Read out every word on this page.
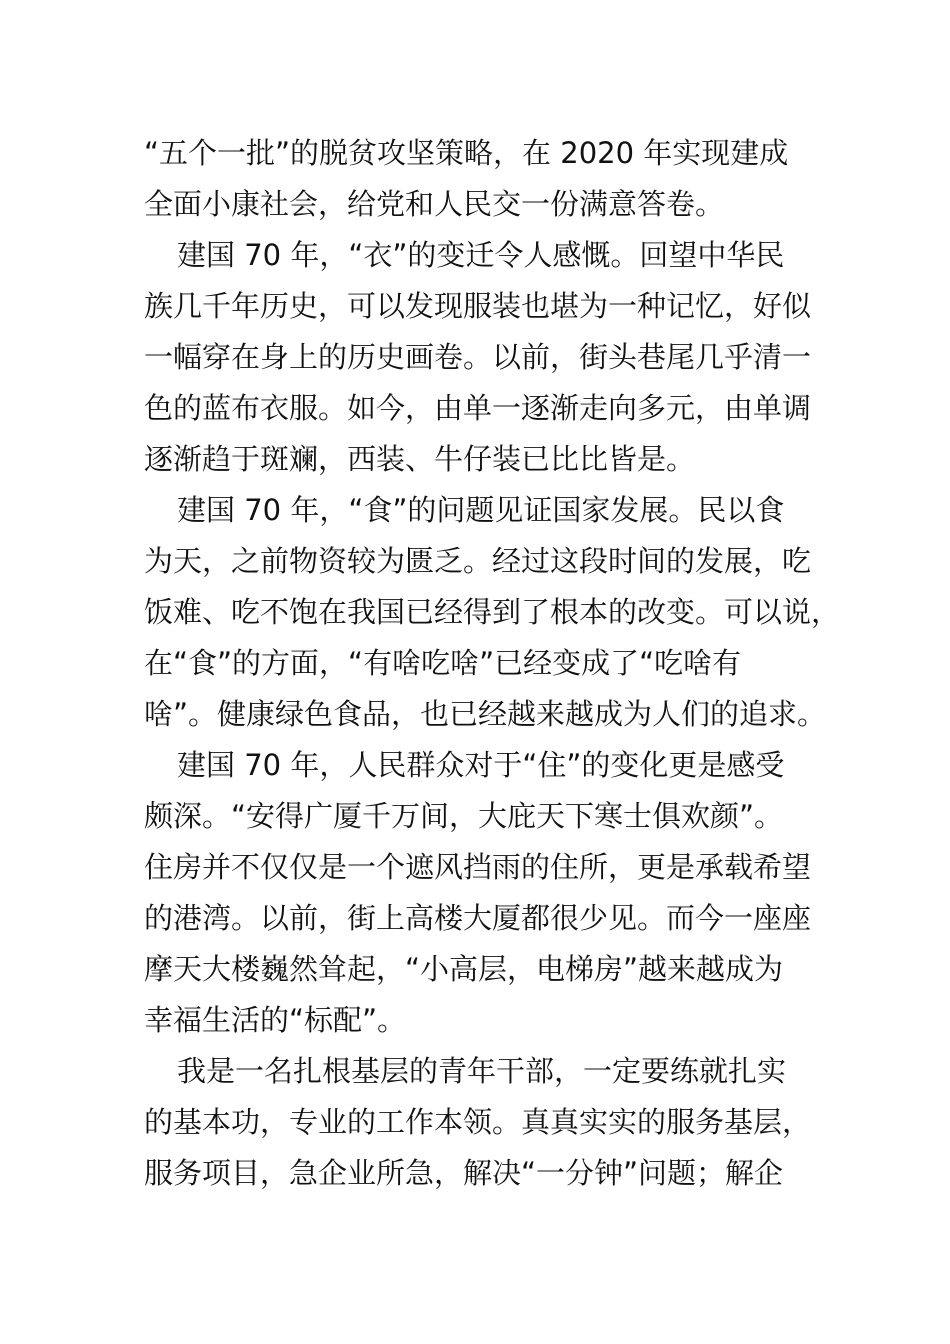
“五个一批”的脱贫攻坚策略，在 2020 年实现建成
全面小康社会，给党和人民交一份满意答卷。
建国 70 年，“衣”的变迁令人感慨。回望中华民
族几千年历史，可以发现服装也堪为一种记忆，好似
一幅穿在身上的历史画卷。以前，街头巷尾几乎清一
色的蓝布衣服。如今，由单一逐渐走向多元，由单调
逐渐趋于斑斓，西装、牛仔装已比比皆是。
建国 70 年，“食”的问题见证国家发展。民以食
为天，之前物资较为匮乏。经过这段时间的发展，吃
饭难、吃不饱在我国已经得到了根本的改变。可以说，
在“食”的方面，“有啥吃啥”已经变成了“吃啥有
啥”。健康绿色食品，也已经越来越成为人们的追求。
建国 70 年，人民群众对于“住”的变化更是感受
颇深。“安得广厦千万间，大庇天下寒士俱欢颜”。
住房并不仅仅是一个遮风挡雨的住所，更是承载希望
的港湾。以前，街上高楼大厦都很少见。而今一座座
摩天大楼巍然耸起，“小高层，电梯房”越来越成为
幸福生活的“标配”。
我是一名扎根基层的青年干部，一定要练就扎实
的基本功，专业的工作本领。真真实实的服务基层，
服务项目，急企业所急，解决“一分钟”问题；解企
